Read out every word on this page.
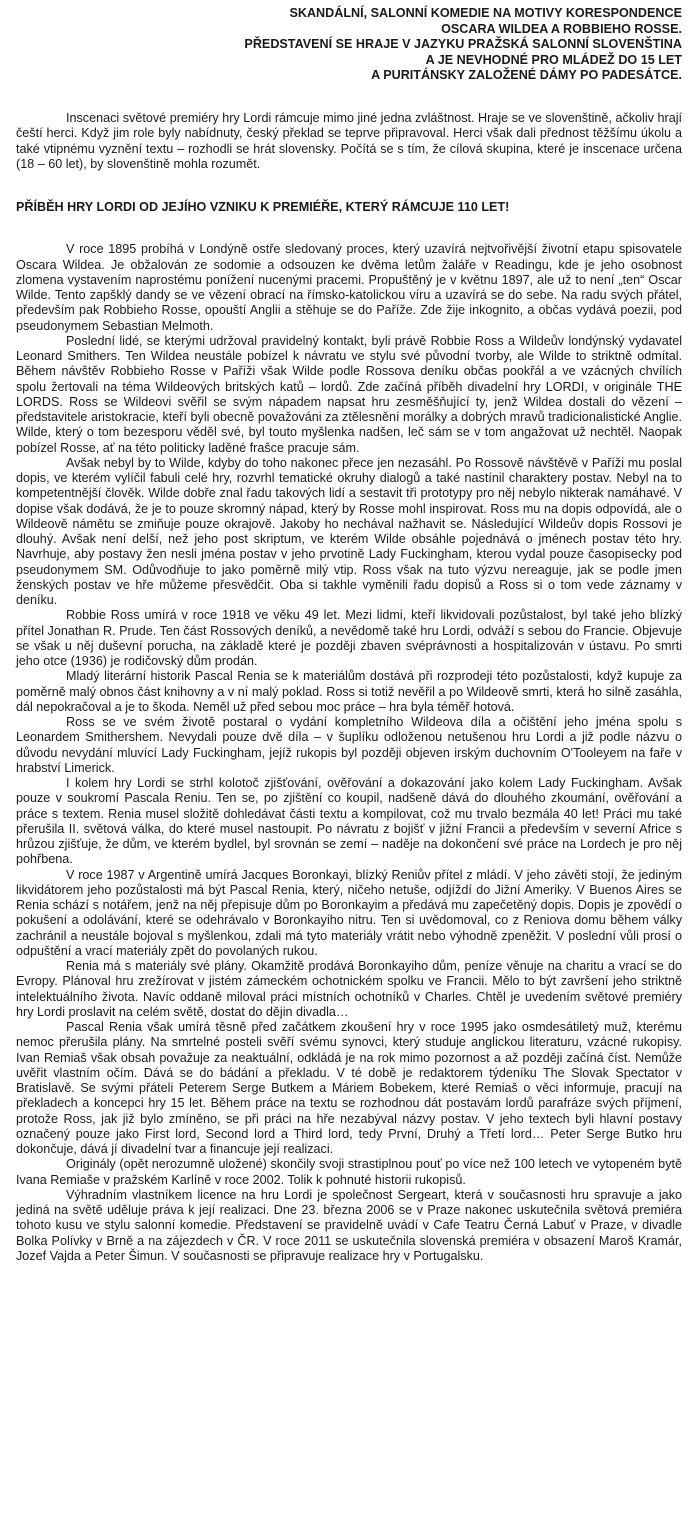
SKANDÁLNÍ, SALONNÍ KOMEDIE NA MOTIVY KORESPONDENCE
OSCARA WILDEA A ROBBIEHO ROSSE.
PŘEDSTAVENÍ SE HRAJE V JAZYKU PRAŽSKÁ SALONNÍ SLOVENŠTINA
A JE NEVHODNÉ PRO MLÁDEŽ DO 15 LET
A PURITÁNSKY ZALOŽENÉ DÁMY PO PADESÁTCE.

Inscenaci světové premiéry hry Lordi rámcuje mimo jiné jedna zvláštnost. Hraje se ve slovenštině, ačkoliv hrají čeští herci. Když jim role byly nabídnuty, český překlad se teprve připravoval. Herci však dali přednost těžšímu úkolu a také vtipnému vyznění textu – rozhodli se hrát slovensky. Počítá se s tím, že cílová skupina, které je inscenace určena (18 – 60 let), by slovenštině mohla rozumět.

PŘÍBĚH HRY LORDI OD JEJÍHO VZNIKU K PREMIÉŘE, KTERÝ RÁMCUJE 110 LET!

V roce 1895 probíhá v Londýně ostře sledovaný proces, který uzavírá nejtvořivější životní etapu spisovatele Oscara Wildea. Je obžalován ze sodomie a odsouzen ke dvěma letům žaláře v Readingu, kde je jeho osobnost zlomena vystavením naprostému ponížení nucenými pracemi. Propuštěný je v květnu 1897, ale už to není „ten“ Oscar Wilde. Tento zapšklý dandy se ve vězení obrací na římsko-katolickou víru a uzavírá se do sebe. Na radu svých přátel, především pak Robbieho Rosse, opouští Anglii a stěhuje se do Paříže. Zde žije inkognito, a občas vydává poezii, pod pseudonymem Sebastian Melmoth.

Poslední lidé, se kterými udržoval pravidelný kontakt, byli právě Robbie Ross a Wildeův londýnský vydavatel Leonard Smithers. Ten Wildea neustále pobízel k návratu ve stylu své původní tvorby, ale Wilde to striktně odmítal. Během návštěv Robbieho Rosse v Paříži však Wilde podle Rossova deníku občas pookřál a ve vzácných chvílích spolu žertovali na téma Wildeových britských katů – lordů. Zde začíná příběh divadelní hry LORDI, v originále THE LORDS. Ross se Wildeovi svěřil se svým nápadem napsat hru zesměšňující ty, jenž Wildea dostali do vězení – představitele aristokracie, kteří byli obecně považováni za ztělesnění morálky a dobrých mravů tradicionalistické Anglie. Wilde, který o tom bezesporu věděl své, byl touto myšlenka nadšen, leč sám se v tom angažovat už nechtěl. Naopak pobízel Rosse, ať na této politicky laděné frašce pracuje sám.

Avšak nebyl by to Wilde, kdyby do toho nakonec přece jen nezasáhl. Po Rossově návštěvě v Paříži mu poslal dopis, ve kterém vylíčil fabuli celé hry, rozvrhl tematické okruhy dialogů a také nastínil charaktery postav. Nebyl na to kompetentnější člověk. Wilde dobře znal řadu takových lidí a sestavit tři prototypy pro něj nebylo nikterak namáhavé. V dopise však dodává, že je to pouze skromný nápad, který by Rosse mohl inspirovat. Ross mu na dopis odpovídá, ale o Wildeově námětu se zmiňuje pouze okrajově. Jakoby ho nechával nažhavit se. Následující Wildeův dopis Rossovi je dlouhý. Avšak není delší, než jeho post skriptum, ve kterém Wilde obsáhle pojednává o jménech postav této hry. Navrhuje, aby postavy žen nesli jména postav v jeho prvotině Lady Fuckingham, kterou vydal pouze časopisecky pod pseudonymem SM. Odůvodňuje to jako poměrně milý vtip. Ross však na tuto výzvu nereaguje, jak se podle jmen ženských postav ve hře můžeme přesvědčit. Oba si takhle vyměnili řadu dopisů a Ross si o tom vede záznamy v deníku.

Robbie Ross umírá v roce 1918 ve věku 49 let. Mezi lidmi, kteří likvidovali pozůstalost, byl také jeho blízký přítel Jonathan R. Prude. Ten část Rossových deníků, a nevědomě také hru Lordi, odváží s sebou do Francie. Objevuje se však u něj duševní porucha, na základě které je později zbaven svéprávnosti a hospitalizován v ústavu. Po smrti jeho otce (1936) je rodičovský dům prodán.

Mladý literární historik Pascal Renia se k materiálům dostává při rozprodeji této pozůstalosti, když kupuje za poměrně malý obnos část knihovny a v ní malý poklad. Ross si totiž nevěřil a po Wildeově smrti, která ho silně zasáhla, dál nepokračoval a je to škoda. Neměl už před sebou moc práce – hra byla téměř hotová.

Ross se ve svém životě postaral o vydání kompletního Wildeova díla a očištění jeho jména spolu s Leonardem Smithershem. Nevydali pouze dvě díla – v šuplíku odloženou netušenou hru Lordi a již podle názvu o důvodu nevydání mluvící Lady Fuckingham, jejíž rukopis byl později objeven irským duchovním O'Tooleyem na faře v hrabství Limerick.

I kolem hry Lordi se strhl kolotoč zjišťování, ověřování a dokazování jako kolem Lady Fuckingham. Avšak pouze v soukromí Pascala Reniu. Ten se, po zjištění co koupil, nadšeně dává do dlouhého zkoumání, ověřování a práce s textem. Renia musel složitě dohledávat části textu a kompilovat, což mu trvalo bezmála 40 let! Práci mu také přerušila II. světová válka, do které musel nastoupit. Po návratu z bojišť v jižní Francii a především v severní Africe s hrůzou zjišťuje, že dům, ve kterém bydlel, byl srovnán se zemí – naděje na dokončení své práce na Lordech je pro něj pohřbena.

V roce 1987 v Argentině umírá Jacques Boronkayi, blízký Reniův přítel z mládí. V jeho závěti stojí, že jediným likvidátorem jeho pozůstalosti má být Pascal Renia, který, ničeho netuše, odjíždí do Jižní Ameriky. V Buenos Aires se Renia schází s notářem, jenž na něj přepisuje dům po Boronkayim a předává mu zapečetěný dopis. Dopis je zpovědí o pokušení a odolávání, které se odehrávalo v Boronkayiho nitru. Ten si uvědomoval, co z Reniova domu během války zachránil a neustále bojoval s myšlenkou, zdali má tyto materiály vrátit nebo výhodně zpeněžit. V poslední vůli prosí o odpuštění a vrací materiály zpět do povolaných rukou.

Renia má s materiály své plány. Okamžitě prodává Boronkayiho dům, peníze věnuje na charitu a vrací se do Evropy. Plánoval hru zrežírovat v jistém zámeckém ochotnickém spolku ve Francii. Mělo to být završení jeho striktně intelektuálního života. Navíc oddaně miloval práci místních ochotníků v Charles. Chtěl je uvedením světové premiéry hry Lordi proslavit na celém světě, dostat do dějin divadla…

Pascal Renia však umírá těsně před začátkem zkoušení hry v roce 1995 jako osmdesátiletý muž, kterému nemoc přerušila plány. Na smrtelné posteli svěří svému synovci, který studuje anglickou literaturu, vzácné rukopisy. Ivan Remiaš však obsah považuje za neaktuální, odkládá je na rok mimo pozornost a až později začíná číst. Nemůže uvěřit vlastním očím. Dává se do bádání a překladu. V té době je redaktorem týdeníku The Slovak Spectator v Bratislavě. Se svými přáteli Peterem Serge Butkem a Máriem Bobekem, které Remiaš o věci informuje, pracují na překladech a koncepci hry 15 let. Během práce na textu se rozhodnou dát postavám lordů parafráze svých příjmení, protože Ross, jak již bylo zmíněno, se při práci na hře nezabýval názvy postav. V jeho textech byli hlavní postavy označený pouze jako First lord, Second lord a Third lord, tedy První, Druhý a Třetí lord… Peter Serge Butko hru dokončuje, dává jí divadelní tvar a financuje její realizaci.

Originály (opět nerozumně uložené) skončily svoji strastiplnou pouť po více než 100 letech ve vytopeném bytě Ivana Remiaše v pražském Karlíně v roce 2002. Tolik k pohnuté historii rukopisů.

Výhradním vlastníkem licence na hru Lordi je společnost Sergeart, která v současnosti hru spravuje a jako jediná na světě uděluje práva k její realizaci. Dne 23. března 2006 se v Praze nakonec uskutečnila světová premiéra tohoto kusu ve stylu salonní komedie. Představení se pravidelně uvádí v Cafe Teatru Černá Labuť v Praze, v divadle Bolka Polívky v Brně a na zájezdech v ČR. V roce 2011 se uskutečnila slovenská premiéra v obsazení Maroš Kramár, Jozef Vajda a Peter Šimun. V současnosti se připravuje realizace hry v Portugalsku.
